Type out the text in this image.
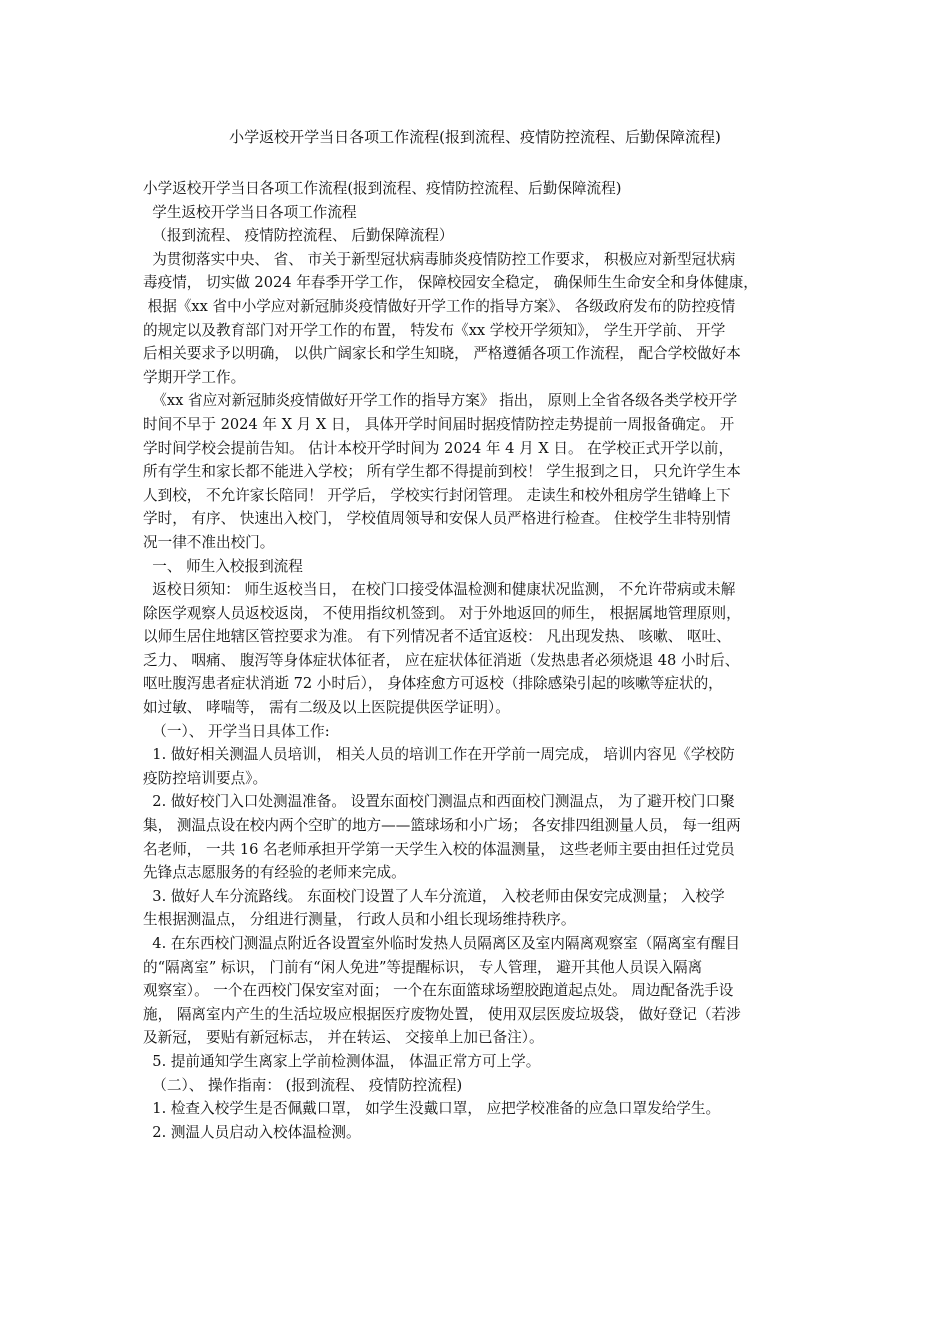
小学返校开学当日各项工作流程(报到流程、疫情防控流程、后勤保障流程)
小学返校开学当日各项工作流程(报到流程、疫情防控流程、后勤保障流程)
学生返校开学当日各项工作流程
（报到流程、 疫情防控流程、 后勤保障流程）
为贯彻落实中央、 省、 市关于新型冠状病毒肺炎疫情防控工作要求， 积极应对新型冠状病
毒疫情， 切实做 2024 年春季开学工作， 保障校园安全稳定， 确保师生生命安全和身体健康，
根据《xx 省中小学应对新冠肺炎疫情做好开学工作的指导方案》、 各级政府发布的防控疫情
的规定以及教育部门对开学工作的布置， 特发布《xx 学校开学须知》， 学生开学前、 开学
后相关要求予以明确， 以供广阔家长和学生知晓， 严格遵循各项工作流程， 配合学校做好本
学期开学工作。
《xx 省应对新冠肺炎疫情做好开学工作的指导方案》 指出， 原则上全省各级各类学校开学
时间不早于 2024 年 X 月 X 日， 具体开学时间届时据疫情防控走势提前一周报备确定。 开
学时间学校会提前告知。 估计本校开学时间为 2024 年 4 月 X 日。 在学校正式开学以前，
所有学生和家长都不能进入学校； 所有学生都不得提前到校！ 学生报到之日， 只允许学生本
人到校， 不允许家长陪同！ 开学后， 学校实行封闭管理。 走读生和校外租房学生错峰上下
学时， 有序、 快速出入校门， 学校值周领导和安保人员严格进行检查。 住校学生非特别情
况一律不准出校门。
一、 师生入校报到流程
返校日须知： 师生返校当日， 在校门口接受体温检测和健康状况监测， 不允许带病或未解
除医学观察人员返校返岗， 不使用指纹机签到。 对于外地返回的师生， 根据属地管理原则，
以师生居住地辖区管控要求为准。 有下列情况者不适宜返校： 凡出现发热、 咳嗽、 呕吐、
乏力、 咽痛、 腹泻等身体症状体征者， 应在症状体征消逝（发热患者必须烧退 48 小时后、
呕吐腹泻患者症状消逝 72 小时后）， 身体痊愈方可返校（排除感染引起的咳嗽等症状的，
如过敏、 哮喘等， 需有二级及以上医院提供医学证明）。
（一）、 开学当日具体工作:
1. 做好相关测温人员培训， 相关人员的培训工作在开学前一周完成， 培训内容见《学校防
疫防控培训要点》。
2. 做好校门入口处测温准备。 设置东面校门测温点和西面校门测温点， 为了避开校门口聚
集， 测温点设在校内两个空旷的地方——篮球场和小广场； 各安排四组测量人员， 每一组两
名老师， 一共 16 名老师承担开学第一天学生入校的体温测量， 这些老师主要由担任过党员
先锋点志愿服务的有经验的老师来完成。
3. 做好人车分流路线。 东面校门设置了人车分流道， 入校老师由保安完成测量； 入校学
生根据测温点， 分组进行测量， 行政人员和小组长现场维持秩序。
4. 在东西校门测温点附近各设置室外临时发热人员隔离区及室内隔离观察室（隔离室有醒目
的“隔离室” 标识， 门前有“闲人免进”等提醒标识， 专人管理， 避开其他人员误入隔离
观察室）。 一个在西校门保安室对面； 一个在东面篮球场塑胶跑道起点处。 周边配备洗手设
施， 隔离室内产生的生活垃圾应根据医疗废物处置， 使用双层医废垃圾袋， 做好登记（若涉
及新冠， 要贴有新冠标志， 并在转运、 交接单上加已备注）。
5. 提前通知学生离家上学前检测体温， 体温正常方可上学。
（二）、 操作指南： (报到流程、 疫情防控流程)
1. 检查入校学生是否佩戴口罩， 如学生没戴口罩， 应把学校准备的应急口罩发给学生。
2. 测温人员启动入校体温检测。
